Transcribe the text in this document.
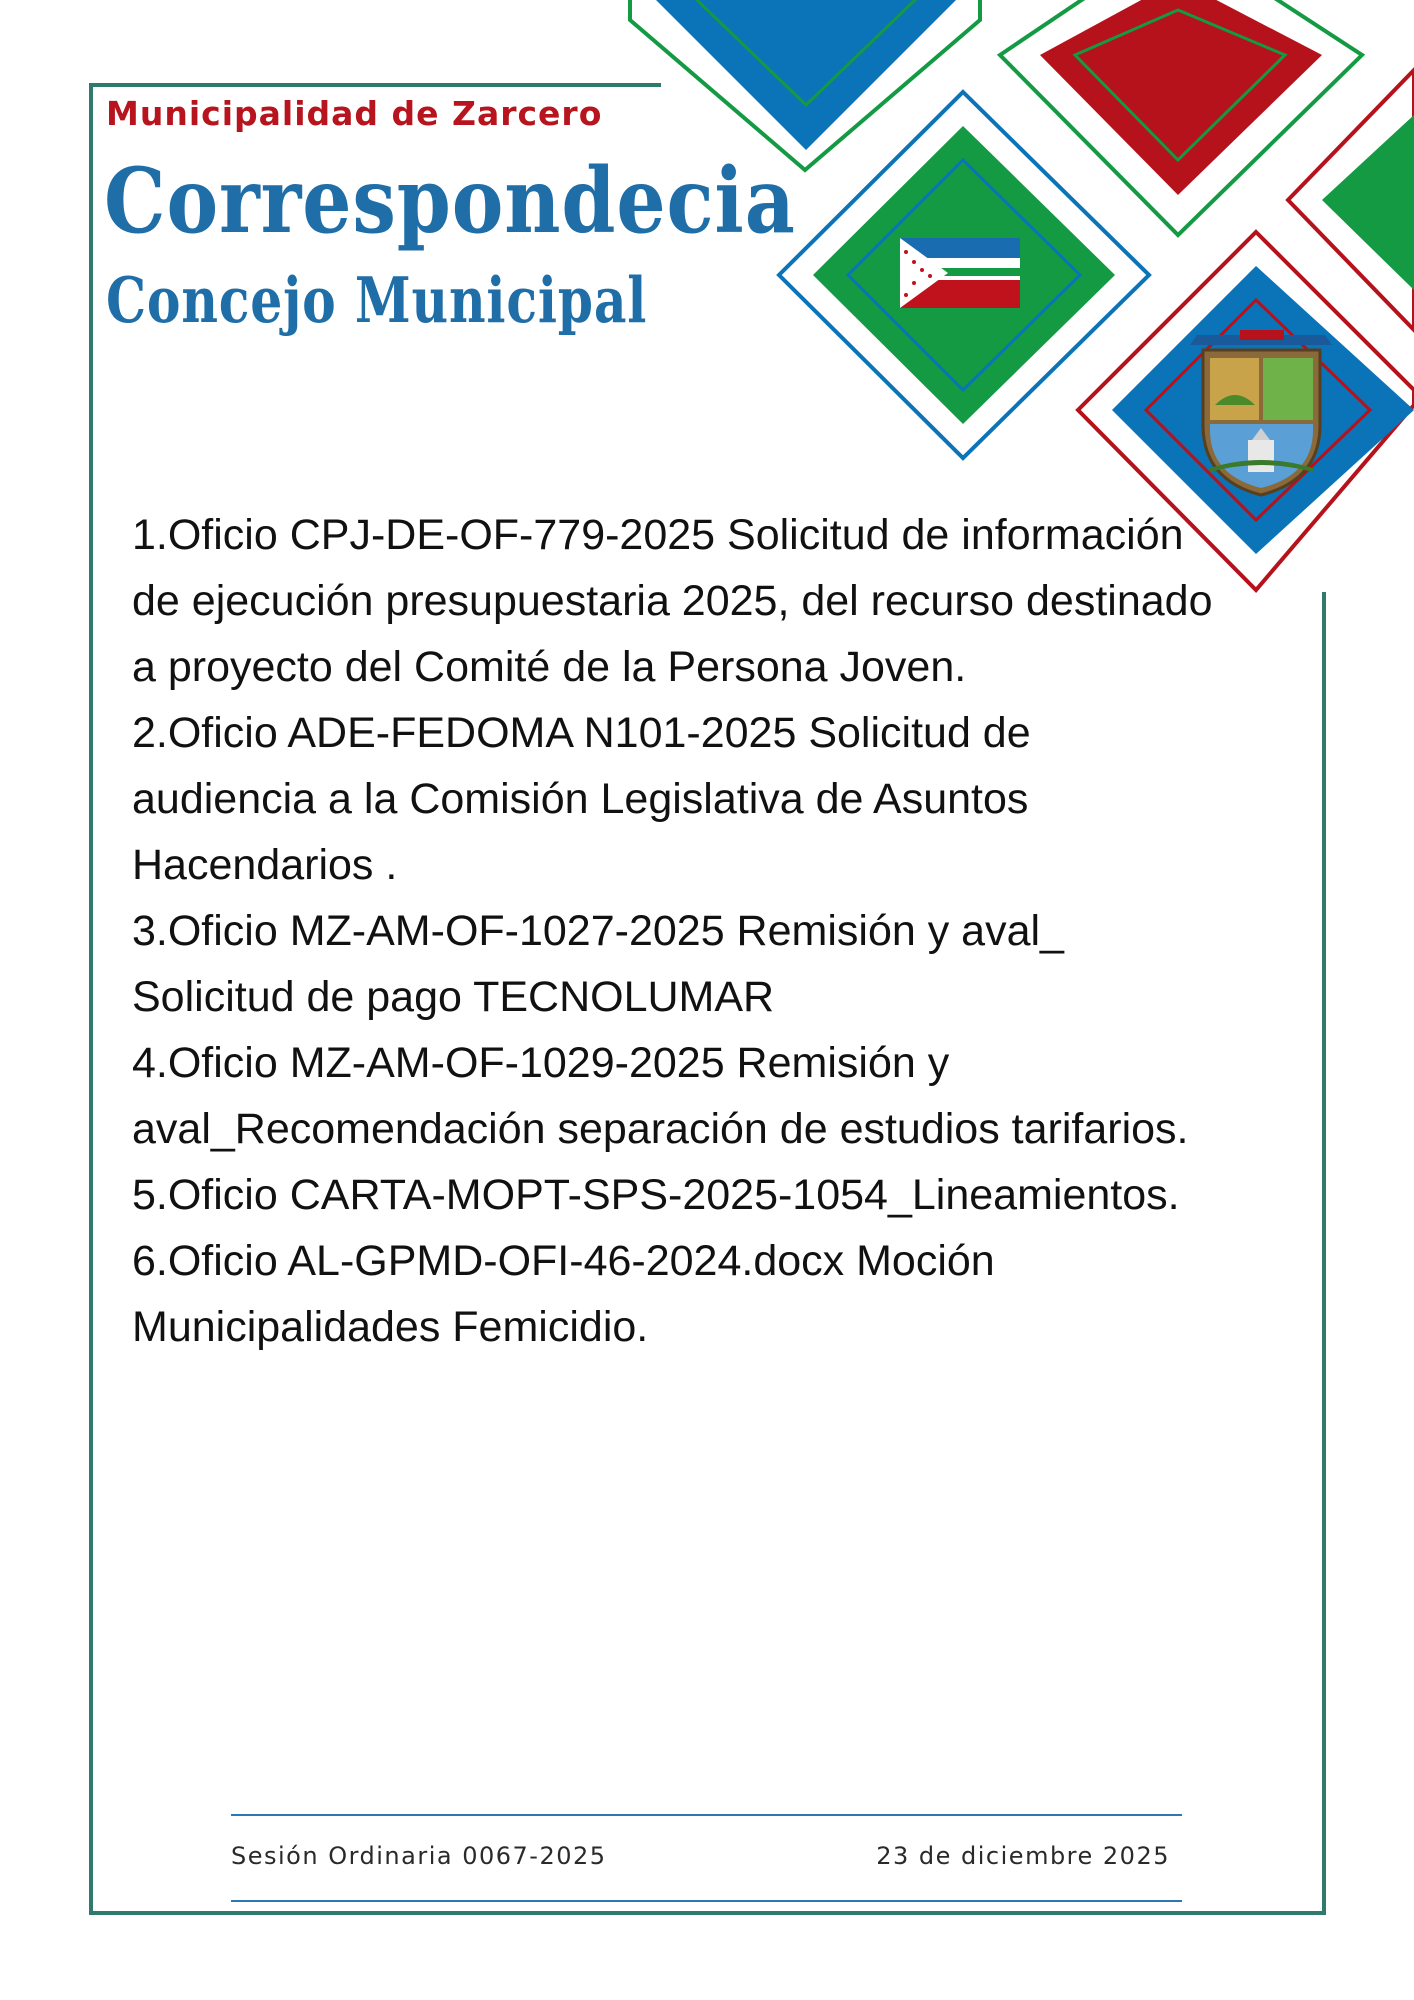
Municipalidad de Zarcero

Correspondecia
Concejo Municipal
1.Oficio CPJ-DE-OF-779-2025 Solicitud de información de ejecución presupuestaria 2025, del recurso destinado a proyecto del Comité de la Persona Joven.
2.Oficio ADE-FEDOMA N101-2025 Solicitud de audiencia a la Comisión Legislativa de Asuntos Hacendarios .
3.Oficio MZ-AM-OF-1027-2025 Remisión y aval_ Solicitud de pago TECNOLUMAR
4.Oficio MZ-AM-OF-1029-2025 Remisión y aval_Recomendación separación de estudios tarifarios.
5.Oficio CARTA-MOPT-SPS-2025-1054_Lineamientos.
6.Oficio AL-GPMD-OFI-46-2024.docx Moción Municipalidades Femicidio.

Sesión Ordinaria 0067-2025	23 de diciembre 2025
